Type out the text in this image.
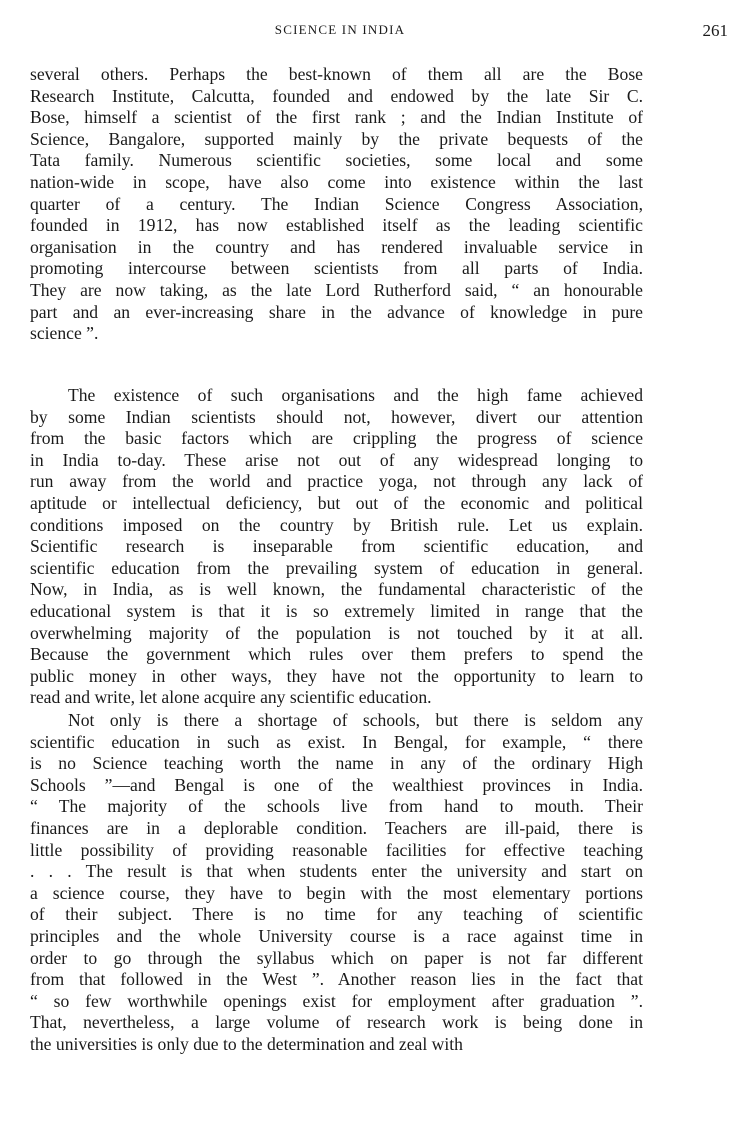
SCIENCE IN INDIA	261

several others. Perhaps the best-known of them all are the Bose
Research Institute, Calcutta, founded and endowed by the late Sir C.
Bose, himself a scientist of the first rank ; and the Indian Institute of
Science, Bangalore, supported mainly by the private bequests of the
Tata family. Numerous scientific societies, some local and some
nation-wide in scope, have also come into existence within the last
quarter of a century. The Indian Science Congress Association,
founded in 1912, has now established itself as the leading scientific
organisation in the country and has rendered invaluable service in
promoting intercourse between scientists from all parts of India.
They are now taking, as the late Lord Rutherford said, “ an honourable
part and an ever-increasing share in the advance of knowledge in pure
science ”.

The existence of such organisations and the high fame achieved
by some Indian scientists should not, however, divert our attention
from the basic factors which are crippling the progress of science
in India to-day. These arise not out of any widespread longing to
run away from the world and practice yoga, not through any lack of
aptitude or intellectual deficiency, but out of the economic and political
conditions imposed on the country by British rule. Let us explain.
Scientific research is inseparable from scientific education, and
scientific education from the prevailing system of education in general.
Now, in India, as is well known, the fundamental characteristic of the
educational system is that it is so extremely limited in range that the
overwhelming majority of the population is not touched by it at all.
Because the government which rules over them prefers to spend the
public money in other ways, they have not the opportunity to learn to
read and write, let alone acquire any scientific education.

Not only is there a shortage of schools, but there is seldom any
scientific education in such as exist. In Bengal, for example, “ there
is no Science teaching worth the name in any of the ordinary High
Schools ”—and Bengal is one of the wealthiest provinces in India.
“ The majority of the schools live from hand to mouth. Their
finances are in a deplorable condition. Teachers are ill-paid, there is
little possibility of providing reasonable facilities for effective teaching
. . . The result is that when students enter the university and start on
a science course, they have to begin with the most elementary portions
of their subject. There is no time for any teaching of scientific
principles and the whole University course is a race against time in
order to go through the syllabus which on paper is not far different
from that followed in the West ”. Another reason lies in the fact that
“ so few worthwhile openings exist for employment after graduation ”.
That, nevertheless, a large volume of research work is being done in
the universities is only due to the determination and zeal with
